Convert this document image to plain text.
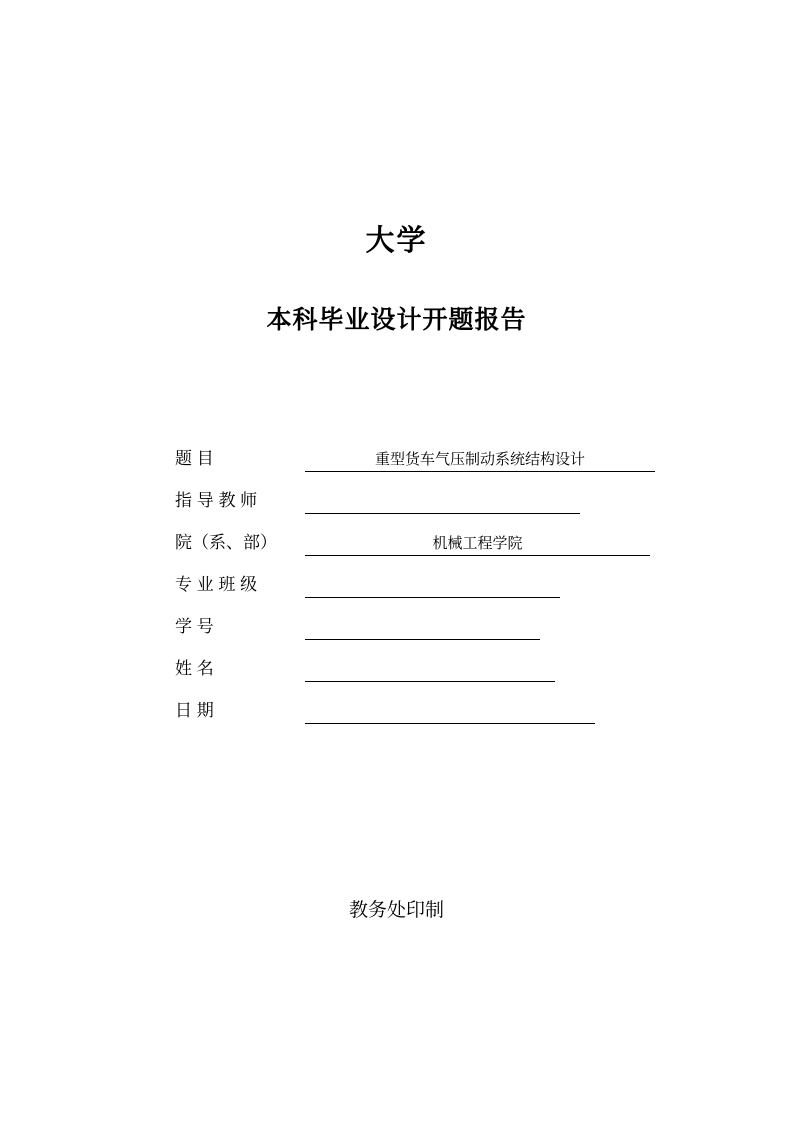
大学
本科毕业设计开题报告
题 目	重型货车气压制动系统结构设计
指 导 教 师
院（系、部）	机械工程学院
专 业 班 级
学 号
姓 名
日 期
教务处印制
